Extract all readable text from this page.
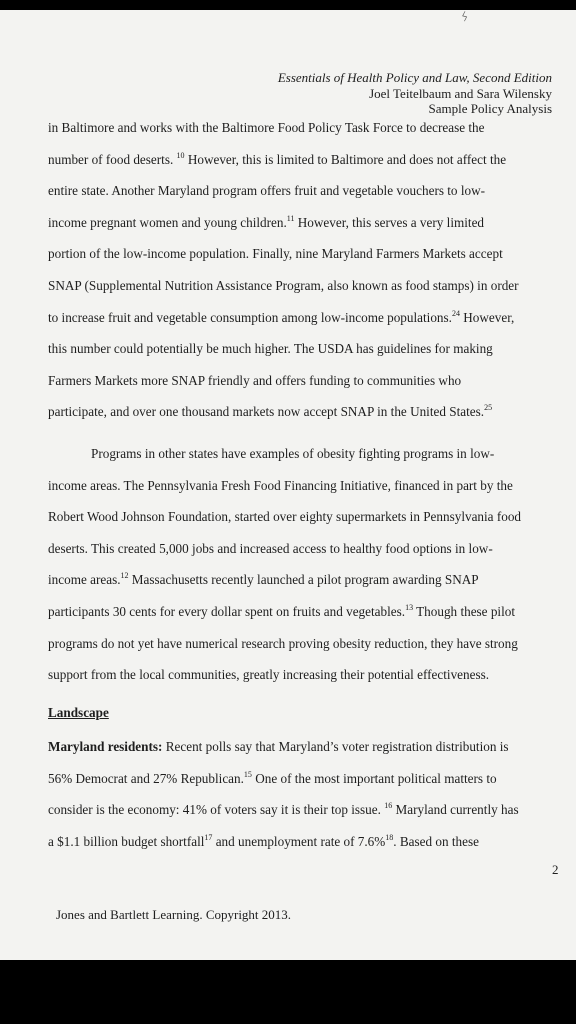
ϟ
Essentials of Health Policy and Law, Second Edition
Joel Teitelbaum and Sara Wilensky
Sample Policy Analysis
in Baltimore and works with the Baltimore Food Policy Task Force to decrease the
number of food deserts. $^{10}$ However, this is limited to Baltimore and does not affect the
entire state. Another Maryland program offers fruit and vegetable vouchers to low-
income pregnant women and young children.$^{11}$ However, this serves a very limited
portion of the low-income population. Finally, nine Maryland Farmers Markets accept
SNAP (Supplemental Nutrition Assistance Program, also known as food stamps) in order
to increase fruit and vegetable consumption among low-income populations.$^{24}$ However,
this number could potentially be much higher. The USDA has guidelines for making
Farmers Markets more SNAP friendly and offers funding to communities who
participate, and over one thousand markets now accept SNAP in the United States.$^{25}$
Programs in other states have examples of obesity fighting programs in low-
income areas. The Pennsylvania Fresh Food Financing Initiative, financed in part by the
Robert Wood Johnson Foundation, started over eighty supermarkets in Pennsylvania food
deserts. This created 5,000 jobs and increased access to healthy food options in low-
income areas.$^{12}$ Massachusetts recently launched a pilot program awarding SNAP
participants 30 cents for every dollar spent on fruits and vegetables.$^{13}$ Though these pilot
programs do not yet have numerical research proving obesity reduction, they have strong
support from the local communities, greatly increasing their potential effectiveness.
Landscape
Maryland residents: Recent polls say that Maryland’s voter registration distribution is
56% Democrat and 27% Republican.$^{15}$ One of the most important political matters to
consider is the economy: 41% of voters say it is their top issue. $^{16}$ Maryland currently has
a $1.1 billion budget shortfall$^{17}$ and unemployment rate of 7.6%$^{18}$. Based on these
2
Jones and Bartlett Learning. Copyright 2013.
